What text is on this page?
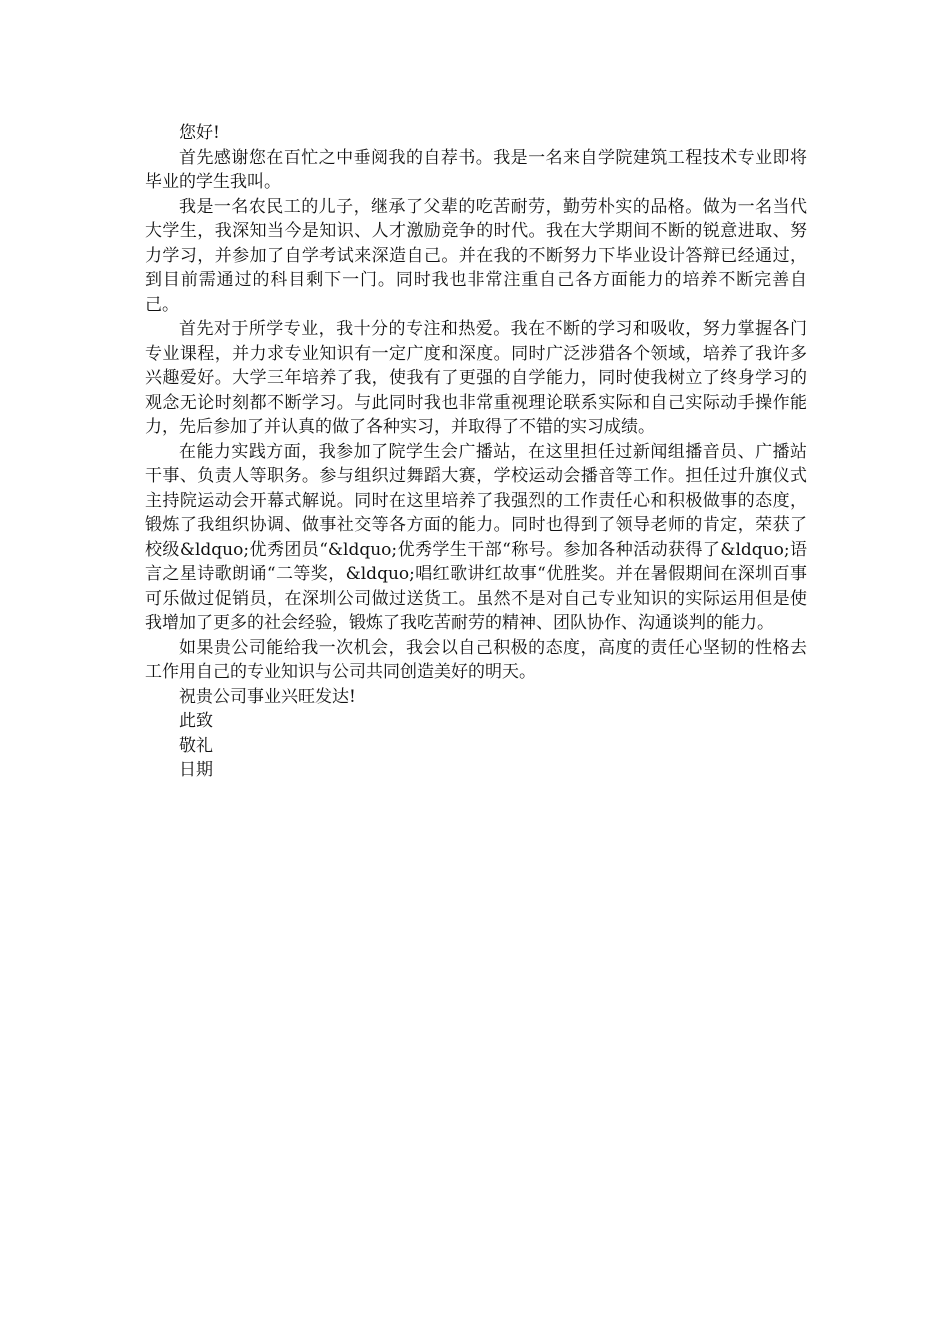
您好!

首先感谢您在百忙之中垂阅我的自荐书。我是一名来自学院建筑工程技术专业即将毕业的学生我叫。

我是一名农民工的儿子，继承了父辈的吃苦耐劳，勤劳朴实的品格。做为一名当代大学生，我深知当今是知识、人才激励竞争的时代。我在大学期间不断的锐意进取、努力学习，并参加了自学考试来深造自己。并在我的不断努力下毕业设计答辩已经通过，到目前需通过的科目剩下一门。同时我也非常注重自己各方面能力的培养不断完善自己。

首先对于所学专业，我十分的专注和热爱。我在不断的学习和吸收，努力掌握各门专业课程，并力求专业知识有一定广度和深度。同时广泛涉猎各个领域，培养了我许多兴趣爱好。大学三年培养了我，使我有了更强的自学能力，同时使我树立了终身学习的观念无论时刻都不断学习。与此同时我也非常重视理论联系实际和自己实际动手操作能力，先后参加了并认真的做了各种实习，并取得了不错的实习成绩。

在能力实践方面，我参加了院学生会广播站，在这里担任过新闻组播音员、广播站干事、负责人等职务。参与组织过舞蹈大赛，学校运动会播音等工作。担任过升旗仪式主持院运动会开幕式解说。同时在这里培养了我强烈的工作责任心和积极做事的态度，锻炼了我组织协调、做事社交等各方面的能力。同时也得到了领导老师的肯定，荣获了校级&ldquo;优秀团员“&ldquo;优秀学生干部“称号。参加各种活动获得了&ldquo;语言之星诗歌朗诵“二等奖，&ldquo;唱红歌讲红故事“优胜奖。并在暑假期间在深圳百事可乐做过促销员，在深圳公司做过送货工。虽然不是对自己专业知识的实际运用但是使我增加了更多的社会经验，锻炼了我吃苦耐劳的精神、团队协作、沟通谈判的能力。

如果贵公司能给我一次机会，我会以自己积极的态度，高度的责任心坚韧的性格去工作用自己的专业知识与公司共同创造美好的明天。

祝贵公司事业兴旺发达!

此致

敬礼

日期
